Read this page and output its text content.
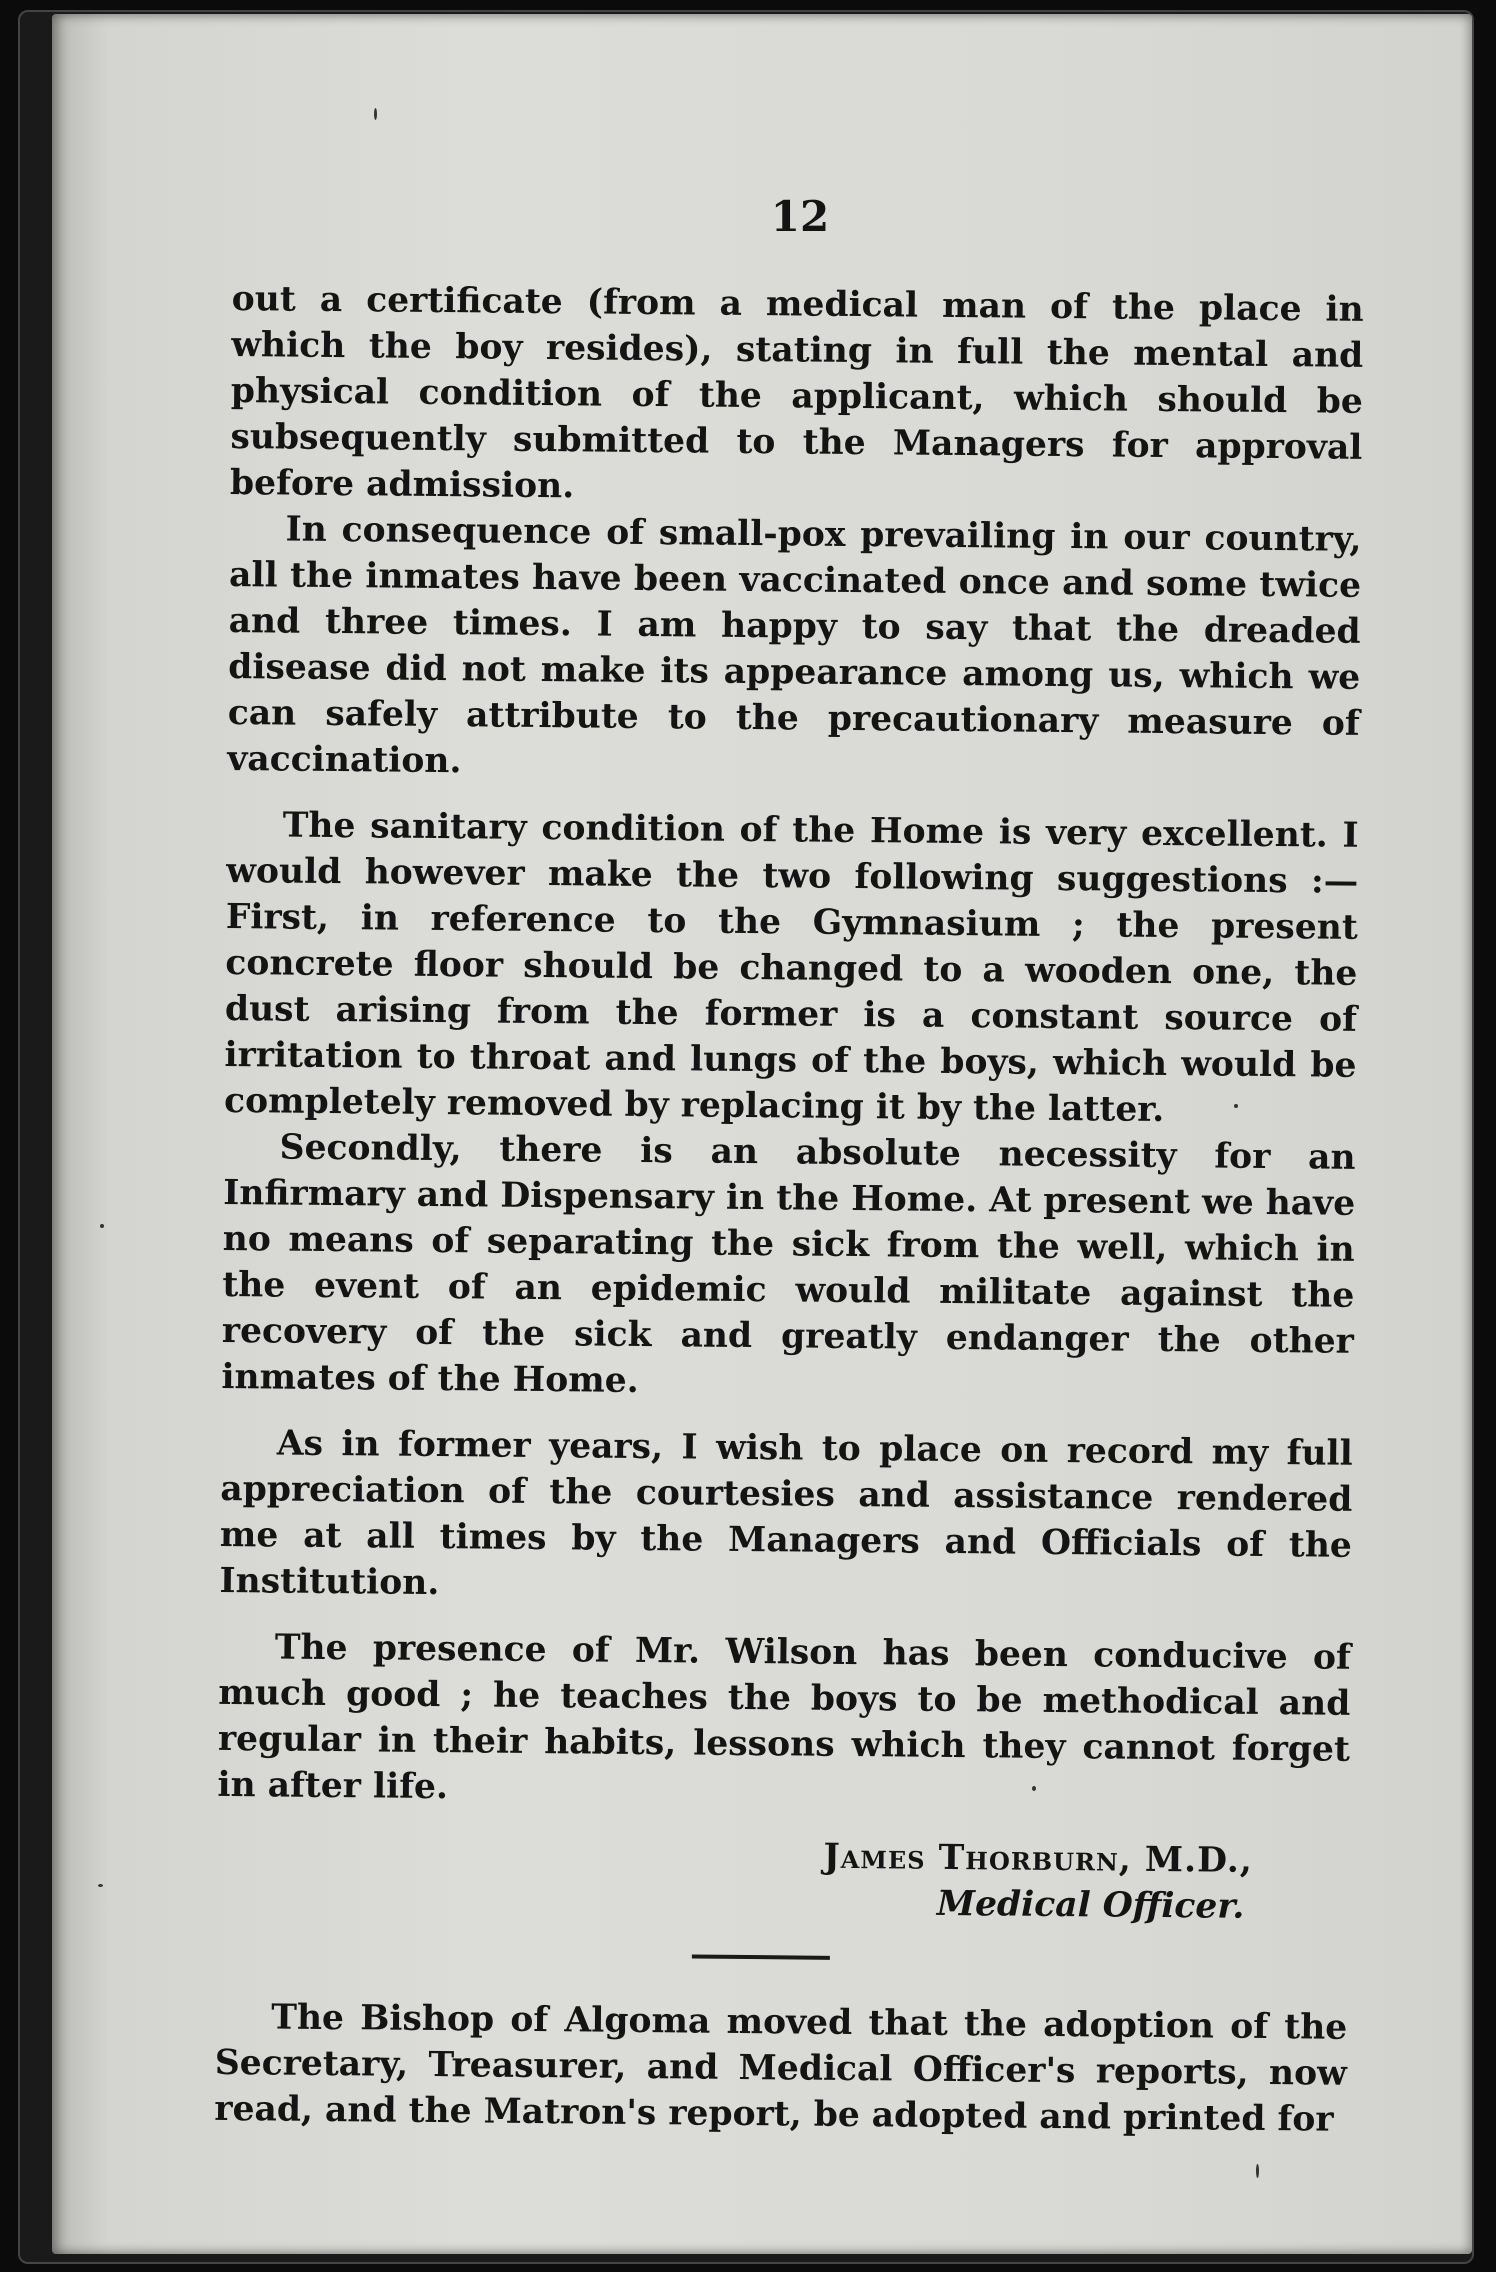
12

out a certificate (from a medical man of the place in which the boy resides), stating in full the mental and physical condition of the applicant, which should be subsequently submitted to the Managers for approval before admission.

In consequence of small-pox prevailing in our country, all the inmates have been vaccinated once and some twice and three times. I am happy to say that the dreaded disease did not make its appearance among us, which we can safely attribute to the precautionary measure of vaccination.

The sanitary condition of the Home is very excellent. I would however make the two following suggestions :— First, in reference to the Gymnasium ; the present concrete floor should be changed to a wooden one, the dust arising from the former is a constant source of irritation to throat and lungs of the boys, which would be completely removed by replacing it by the latter.

Secondly, there is an absolute necessity for an Infirmary and Dispensary in the Home. At present we have no means of separating the sick from the well, which in the event of an epidemic would militate against the recovery of the sick and greatly endanger the other inmates of the Home.

As in former years, I wish to place on record my full appreciation of the courtesies and assistance rendered me at all times by the Managers and Officials of the Institution.

The presence of Mr. Wilson has been conducive of much good ; he teaches the boys to be methodical and regular in their habits, lessons which they cannot forget in after life.

James Thorburn, M.D.,
Medical Officer.

The Bishop of Algoma moved that the adoption of the Secretary, Treasurer, and Medical Officer's reports, now read, and the Matron's report, be adopted and printed for
